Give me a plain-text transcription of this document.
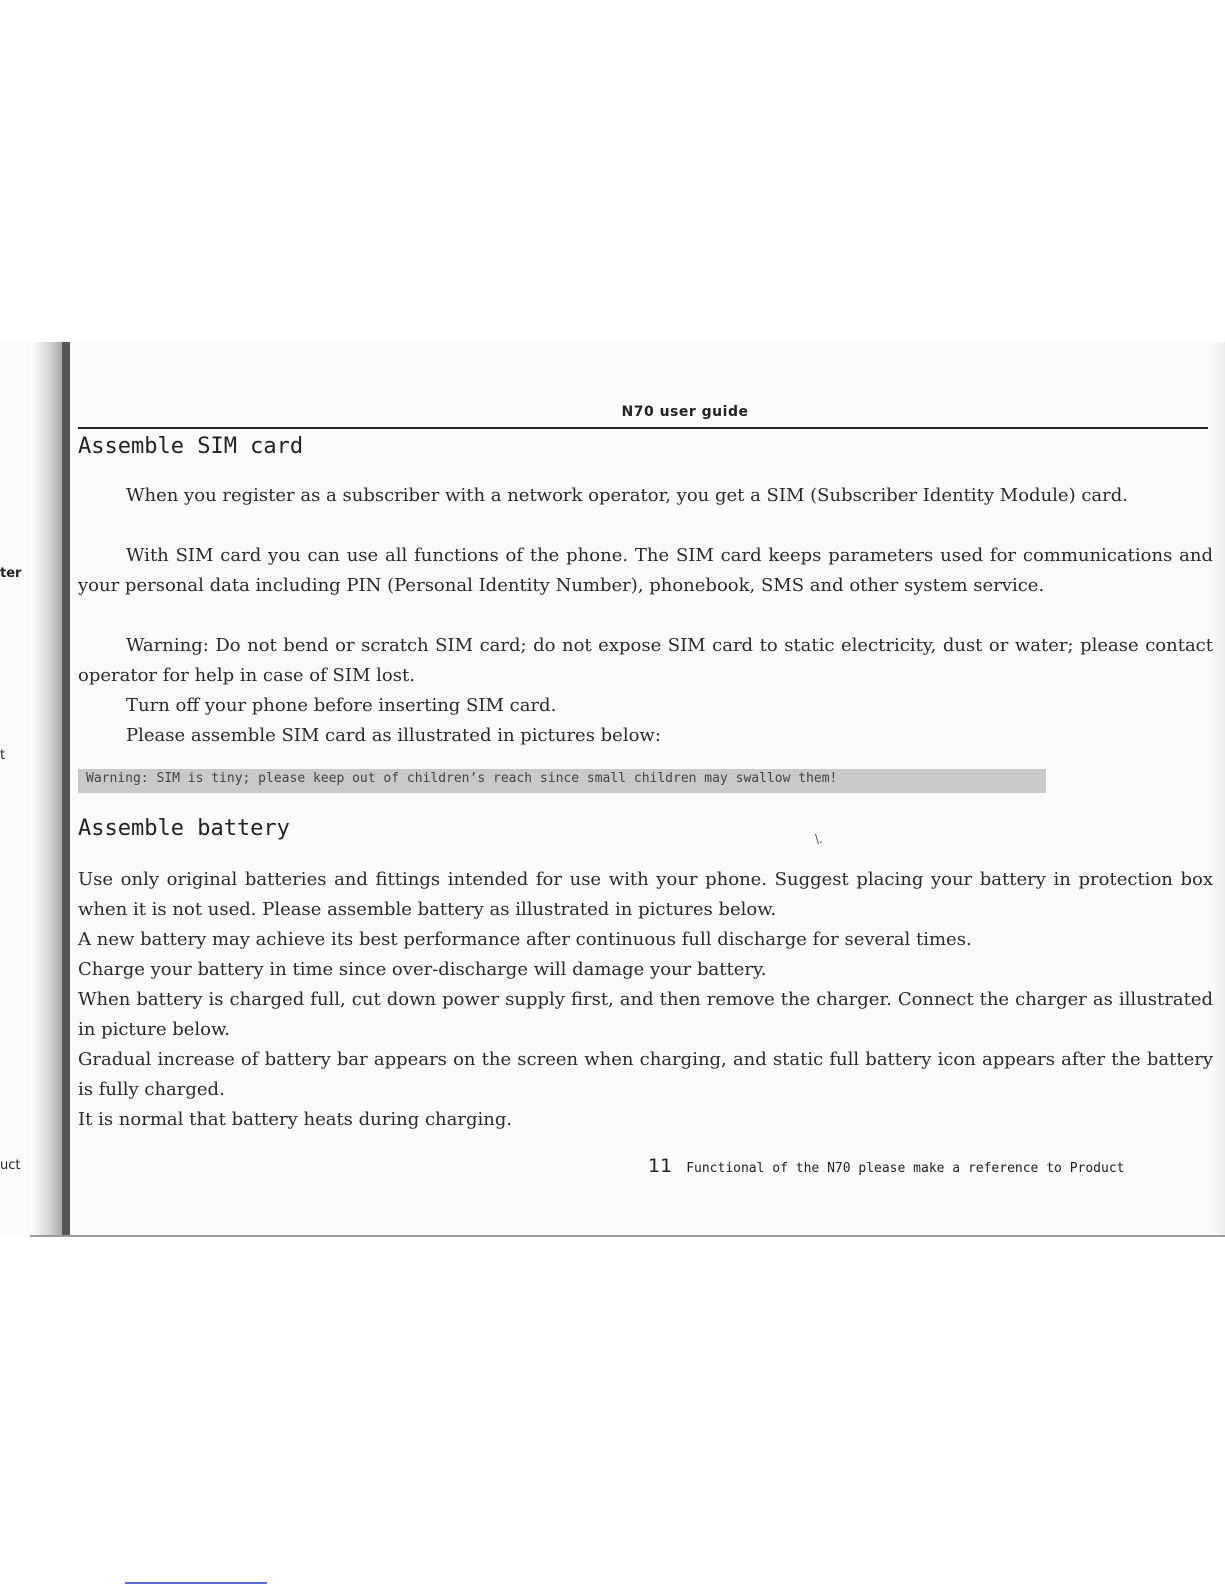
ter
t
uct
N70 user guide
Assemble SIM card

When you register as a subscriber with a network operator, you get a SIM (Subscriber Identity Module) card.

With SIM card you can use all functions of the phone. The SIM card keeps parameters used for communications and your personal data including PIN (Personal Identity Number), phonebook, SMS and other system service.

Warning: Do not bend or scratch SIM card; do not expose SIM card to static electricity, dust or water; please contact operator for help in case of SIM lost.

Turn off your phone before inserting SIM card.

Please assemble SIM card as illustrated in pictures below:

Warning: SIM is tiny; please keep out of children’s reach since small children may swallow them!
Assemble battery	\.

Use only original batteries and fittings intended for use with your phone. Suggest placing your battery in protection box when it is not used. Please assemble battery as illustrated in pictures below.

A new battery may achieve its best performance after continuous full discharge for several times.

Charge your battery in time since over-discharge will damage your battery.

When battery is charged full, cut down power supply first, and then remove the charger. Connect the charger as illustrated in picture below.

Gradual increase of battery bar appears on the screen when charging, and static full battery icon appears after the battery is fully charged.

It is normal that battery heats during charging.

11 Functional of the N70 please make a reference to Product
